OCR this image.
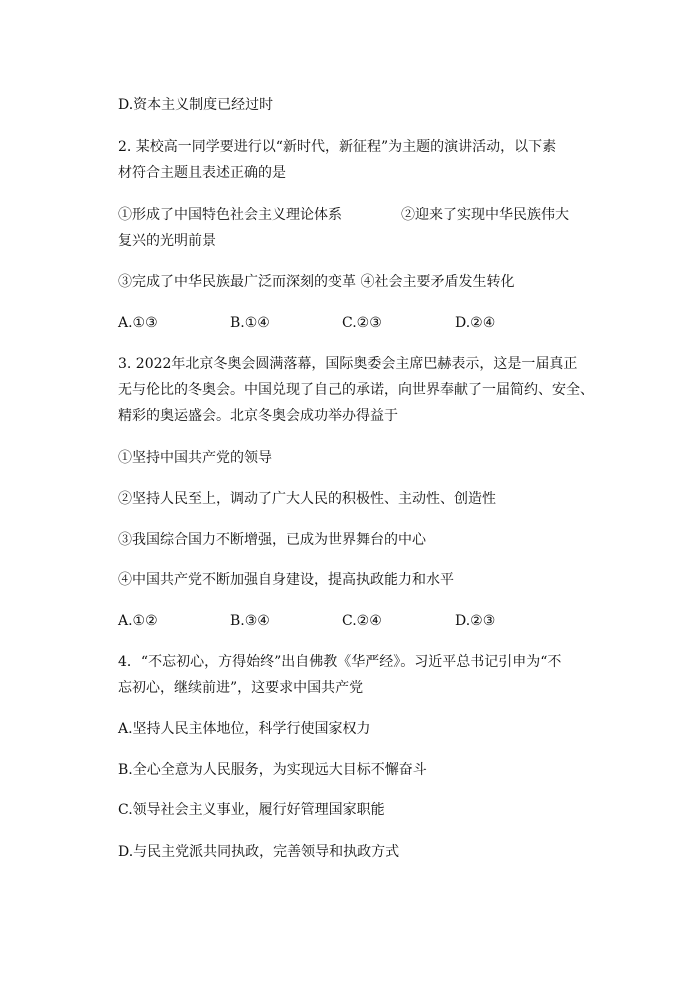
D.资本主义制度已经过时
2. 某校高一同学要进行以“新时代，新征程”为主题的演讲活动，以下素
材符合主题且表述正确的是
①形成了中国特色社会主义理论体系	②迎来了实现中华民族伟大
复兴的光明前景
③完成了中华民族最广泛而深刻的变革 ④社会主要矛盾发生转化
A.①③	B.①④	C.②③	D.②④
3. 2022年北京冬奥会圆满落幕，国际奥委会主席巴赫表示，这是一届真正
无与伦比的冬奥会。中国兑现了自己的承诺，向世界奉献了一届简约、安全、
精彩的奥运盛会。北京冬奥会成功举办得益于
①坚持中国共产党的领导
②坚持人民至上，调动了广大人民的积极性、主动性、创造性
③我国综合国力不断增强，已成为世界舞台的中心
④中国共产党不断加强自身建设，提高执政能力和水平
A.①②	B.③④	C.②④	D.②③
4．“不忘初心，方得始终”出自佛教《华严经》。习近平总书记引申为“不
忘初心，继续前进”，这要求中国共产党
A.坚持人民主体地位，科学行使国家权力
B.全心全意为人民服务，为实现远大目标不懈奋斗
C.领导社会主义事业，履行好管理国家职能
D.与民主党派共同执政，完善领导和执政方式
